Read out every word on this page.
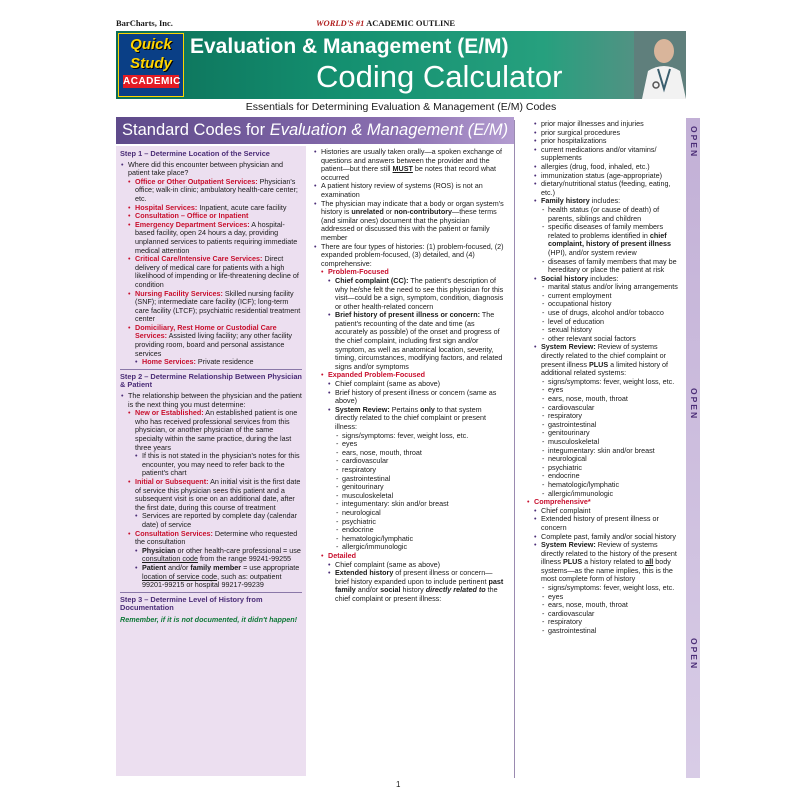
BarCharts, Inc.	WORLD'S #1 ACADEMIC OUTLINE
Quick
Study
ACADEMIC
Evaluation & Management (E/M)
Coding Calculator
Essentials for Determining Evaluation & Management (E/M) Codes
Standard Codes for Evaluation & Management (E/M)	OPEN
OPEN
OPEN
Step 1 – Determine Location of the Service
• Where did this encounter between physician and patient take place?
• Office or Other Outpatient Services: Physician's office; walk-in clinic; ambulatory health-care center; etc.
• Hospital Services: Inpatient, acute care facility
• Consultation – Office or Inpatient
• Emergency Department Services: A hospital-based facility, open 24 hours a day, providing unplanned services to patients requiring immediate medical attention
• Critical Care/Intensive Care Services: Direct delivery of medical care for patients with a high likelihood of impending or life-threatening decline of condition
• Nursing Facility Services: Skilled nursing facility (SNF); intermediate care facility (ICF); long-term care facility (LTCF); psychiatric residential treatment center
• Domiciliary, Rest Home or Custodial Care Services: Assisted living facility; any other facility providing room, board and personal assistance services
• Home Services: Private residence
Step 2 – Determine Relationship Between Physician & Patient
• The relationship between the physician and the patient is the next thing you must determine:
• New or Established: An established patient is one who has received professional services from this physician, or another physician of the same specialty within the same practice, during the last three years
• If this is not stated in the physician's notes for this encounter, you may need to refer back to the patient's chart
• Initial or Subsequent: An initial visit is the first date of service this physician sees this patient and a subsequent visit is one on an additional date, after the first date, during this course of treatment
• Services are reported by complete day (calendar date) of service
• Consultation Services: Determine who requested the consultation
• Physician or other health-care professional = use consultation code from the range 99241-99255
• Patient and/or family member = use appropriate location of service code, such as: outpatient 99201-99215 or hospital 99217-99239
Step 3 – Determine Level of History from Documentation
Remember, if it is not documented, it didn't happen!
• Histories are usually taken orally—a spoken exchange of questions and answers between the provider and the patient—but there still MUST be notes that record what occurred
• A patient history review of systems (ROS) is not an examination
• The physician may indicate that a body or organ system's history is unrelated or non-contributory—these terms (and similar ones) document that the physician addressed or discussed this with the patient or family member
• There are four types of histories: (1) problem-focused, (2) expanded problem-focused, (3) detailed, and (4) comprehensive:
• Problem-Focused
• Chief complaint (CC): The patient's description of why he/she felt the need to see this physician for this visit—could be a sign, symptom, condition, diagnosis or other health-related concern
• Brief history of present illness or concern: The patient's recounting of the date and time (as accurately as possible) of the onset and progress of the chief complaint, including first sign and/or symptom, as well as anatomical location, severity, timing, circumstances, modifying factors, and related signs and/or symptoms
• Expanded Problem-Focused
• Chief complaint (same as above)
• Brief history of present illness or concern (same as above)
• System Review: Pertains only to that system directly related to the chief complaint or present illness:
- signs/symptoms: fever, weight loss, etc.
- eyes
- ears, nose, mouth, throat
- cardiovascular
- respiratory
- gastrointestinal
- genitourinary
- musculoskeletal
- integumentary: skin and/or breast
- neurological
- psychiatric
- endocrine
- hematologic/lymphatic
- allergic/immunologic
• Detailed
• Chief complaint (same as above)
• Extended history of present illness or concern—brief history expanded upon to include pertinent past family and/or social history directly related to the chief complaint or present illness:
• prior major illnesses and injuries
• prior surgical procedures
• prior hospitalizations
• current medications and/or vitamins/ supplements
• allergies (drug, food, inhaled, etc.)
• immunization status (age-appropriate)
• dietary/nutritional status (feeding, eating, etc.)
• Family history includes:
- health status (or cause of death) of parents, siblings and children
- specific diseases of family members related to problems identified in chief complaint, history of present illness (HPI), and/or system review
- diseases of family members that may be hereditary or place the patient at risk
• Social history includes:
- marital status and/or living arrangements
- current employment
- occupational history
- use of drugs, alcohol and/or tobacco
- level of education
- sexual history
- other relevant social factors
• System Review: Review of systems directly related to the chief complaint or present illness PLUS a limited history of additional related systems:
- signs/symptoms: fever, weight loss, etc.
- eyes
- ears, nose, mouth, throat
- cardiovascular
- respiratory
- gastrointestinal
- genitourinary
- musculoskeletal
- integumentary: skin and/or breast
- neurological
- psychiatric
- endocrine
- hematologic/lymphatic
- allergic/immunologic
• Comprehensive*
• Chief complaint
• Extended history of present illness or concern
• Complete past, family and/or social history
• System Review: Review of systems directly related to the history of the present illness PLUS a history related to all body systems—as the name implies, this is the most complete form of history
- signs/symptoms: fever, weight loss, etc.
- eyes
- ears, nose, mouth, throat
- cardiovascular
- respiratory
- gastrointestinal
1
